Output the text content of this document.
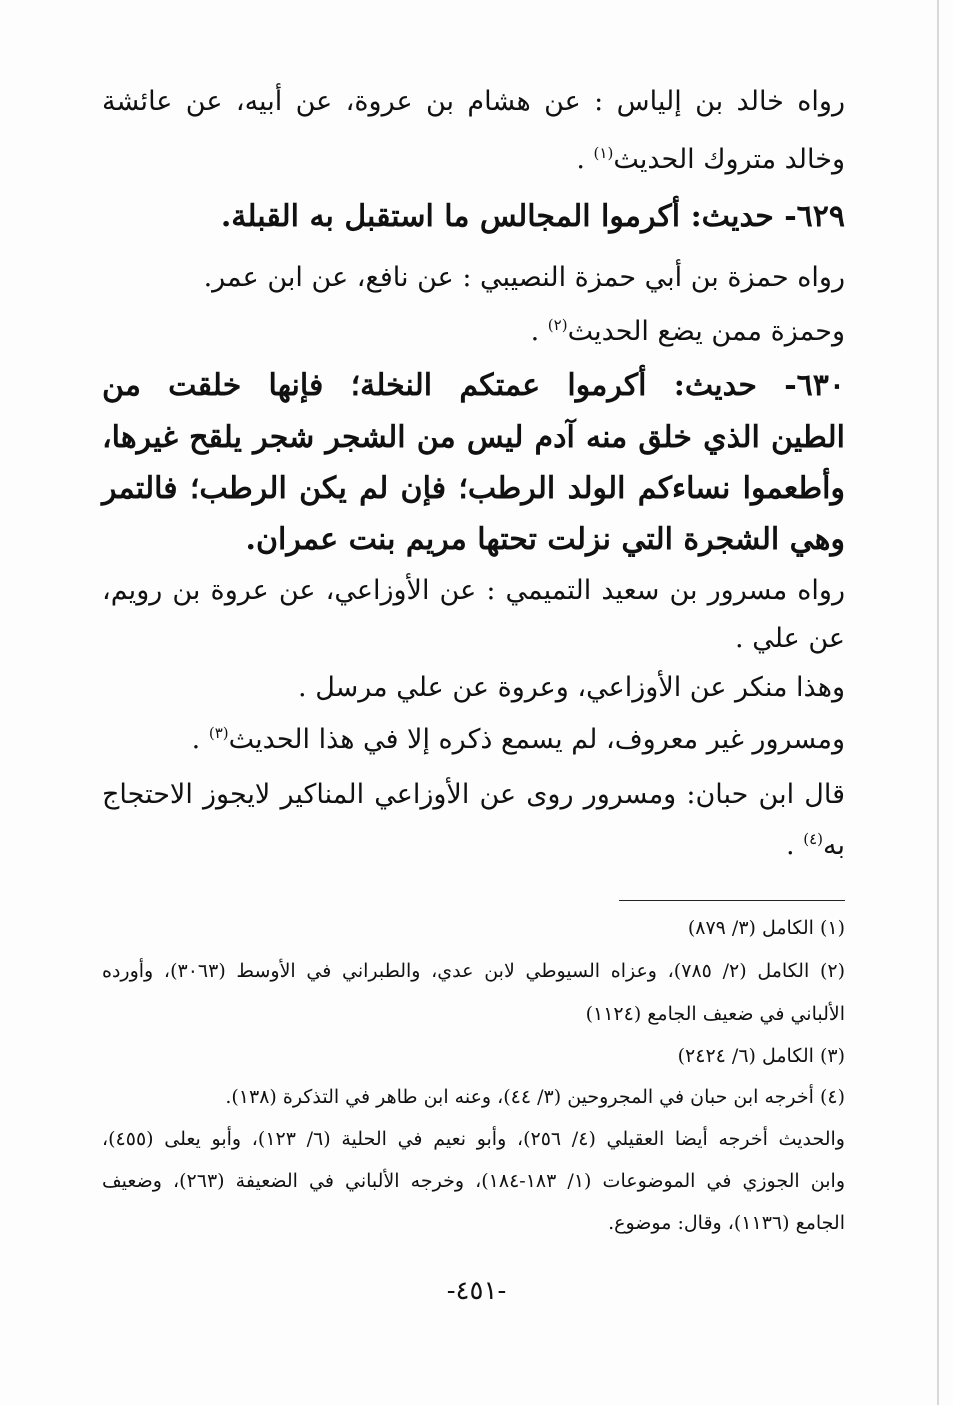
رواه خالد بن إلياس : عن هشام بن عروة، عن أبيه، عن عائشة
وخالد متروك الحديث$^{(١)}$ .
٦٢٩- حديث: أكرموا المجالس ما استقبل به القبلة.
رواه حمزة بن أبي حمزة النصيبي : عن نافع، عن ابن عمر.
وحمزة ممن يضع الحديث$^{(٢)}$ .
٦٣٠- حديث: أكرموا عمتكم النخلة؛ فإنها خلقت من
الطين الذي خلق منه آدم ليس من الشجر شجر يلقح غيرها،
وأطعموا نساءكم الولد الرطب؛ فإن لم يكن الرطب؛ فالتمر
وهي الشجرة التي نزلت تحتها مريم بنت عمران.
رواه مسرور بن سعيد التميمي : عن الأوزاعي، عن عروة بن رويم،
عن علي .
وهذا منكر عن الأوزاعي، وعروة عن علي مرسل .
ومسرور غير معروف، لم يسمع ذكره إلا في هذا الحديث$^{(٣)}$ .
قال ابن حبان: ومسرور روى عن الأوزاعي المناكير لايجوز الاحتجاج
به$^{(٤)}$ .
(١) الكامل (٣/ ٨٧٩)
(٢) الكامل (٢/ ٧٨٥)، وعزاه السيوطي لابن عدي، والطبراني في الأوسط (٣٠٦٣)، وأورده
الألباني في ضعيف الجامع (١١٢٤)
(٣) الكامل (٦/ ٢٤٢٤)
(٤) أخرجه ابن حبان في المجروحين (٣/ ٤٤)، وعنه ابن طاهر في التذكرة (١٣٨).
والحديث أخرجه أيضا العقيلي (٤/ ٢٥٦)، وأبو نعيم في الحلية (٦/ ١٢٣)، وأبو يعلى (٤٥٥)،
وابن الجوزي في الموضوعات (١/ ١٨٣-١٨٤)، وخرجه الألباني في الضعيفة (٢٦٣)، وضعيف
الجامع (١١٣٦)، وقال: موضوع.
-٤٥١-
